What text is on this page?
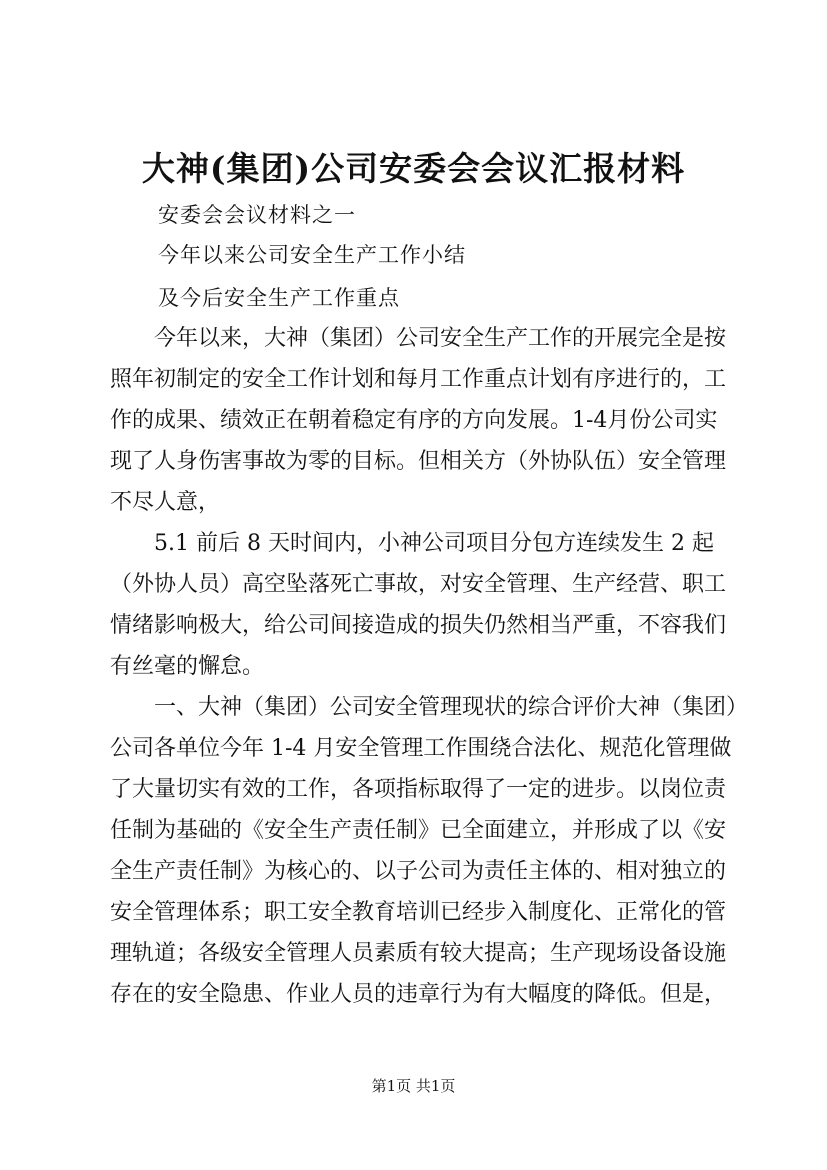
大神(集团)公司安委会会议汇报材料
安委会会议材料之一
今年以来公司安全生产工作小结
及今后安全生产工作重点
　　今年以来，大神（集团）公司安全生产工作的开展完全是按
照年初制定的安全工作计划和每月工作重点计划有序进行的，工
作的成果、绩效正在朝着稳定有序的方向发展。1-4月份公司实
现了人身伤害事故为零的目标。但相关方（外协队伍）安全管理
不尽人意，
　　5.1 前后 8 天时间内，小神公司项目分包方连续发生 2 起
（外协人员）高空坠落死亡事故，对安全管理、生产经营、职工
情绪影响极大，给公司间接造成的损失仍然相当严重，不容我们
有丝毫的懈怠。
　　一、大神（集团）公司安全管理现状的综合评价大神（集团）
公司各单位今年 1-4 月安全管理工作围绕合法化、规范化管理做
了大量切实有效的工作，各项指标取得了一定的进步。以岗位责
任制为基础的《安全生产责任制》已全面建立，并形成了以《安
全生产责任制》为核心的、以子公司为责任主体的、相对独立的
安全管理体系；职工安全教育培训已经步入制度化、正常化的管
理轨道；各级安全管理人员素质有较大提高；生产现场设备设施
存在的安全隐患、作业人员的违章行为有大幅度的降低。但是，
第1页 共1页
